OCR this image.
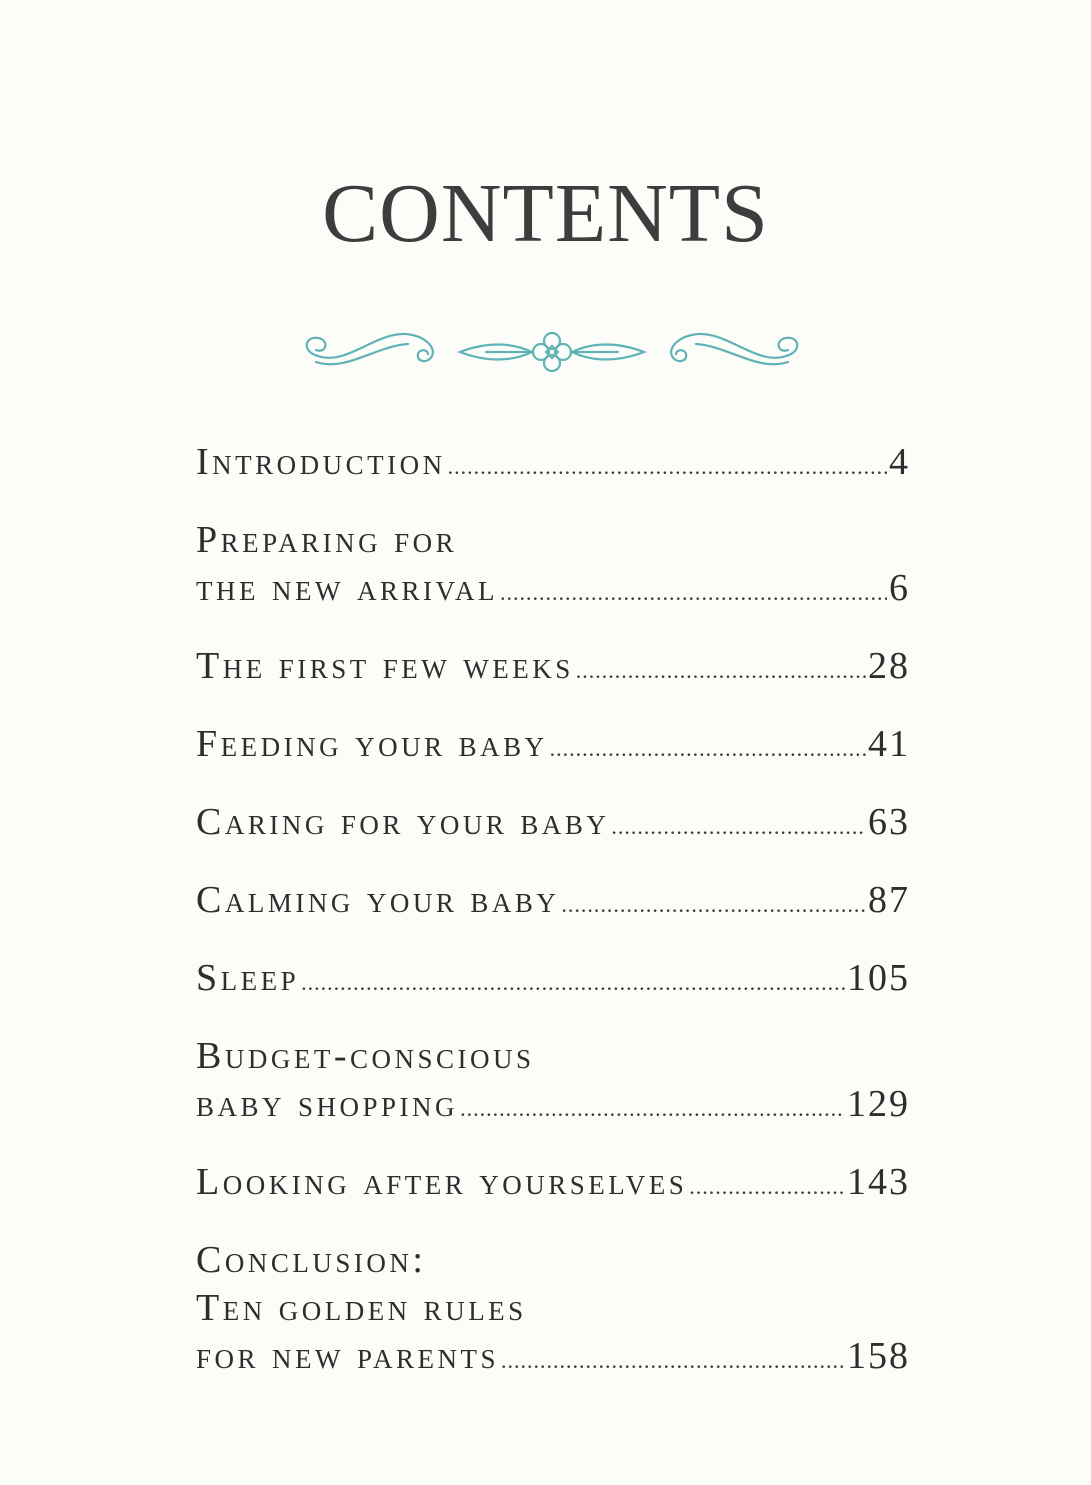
CONTENTS
Introduction .....	4
Preparing for
the new arrival .....	6
The first few weeks .....	28
Feeding your baby .....	41
Caring for your baby .....	63
Calming your baby .....	87
Sleep .....	105
Budget-conscious
baby shopping .....	129
Looking after yourselves .....	143
Conclusion:
Ten golden rules
for new parents .....	158
